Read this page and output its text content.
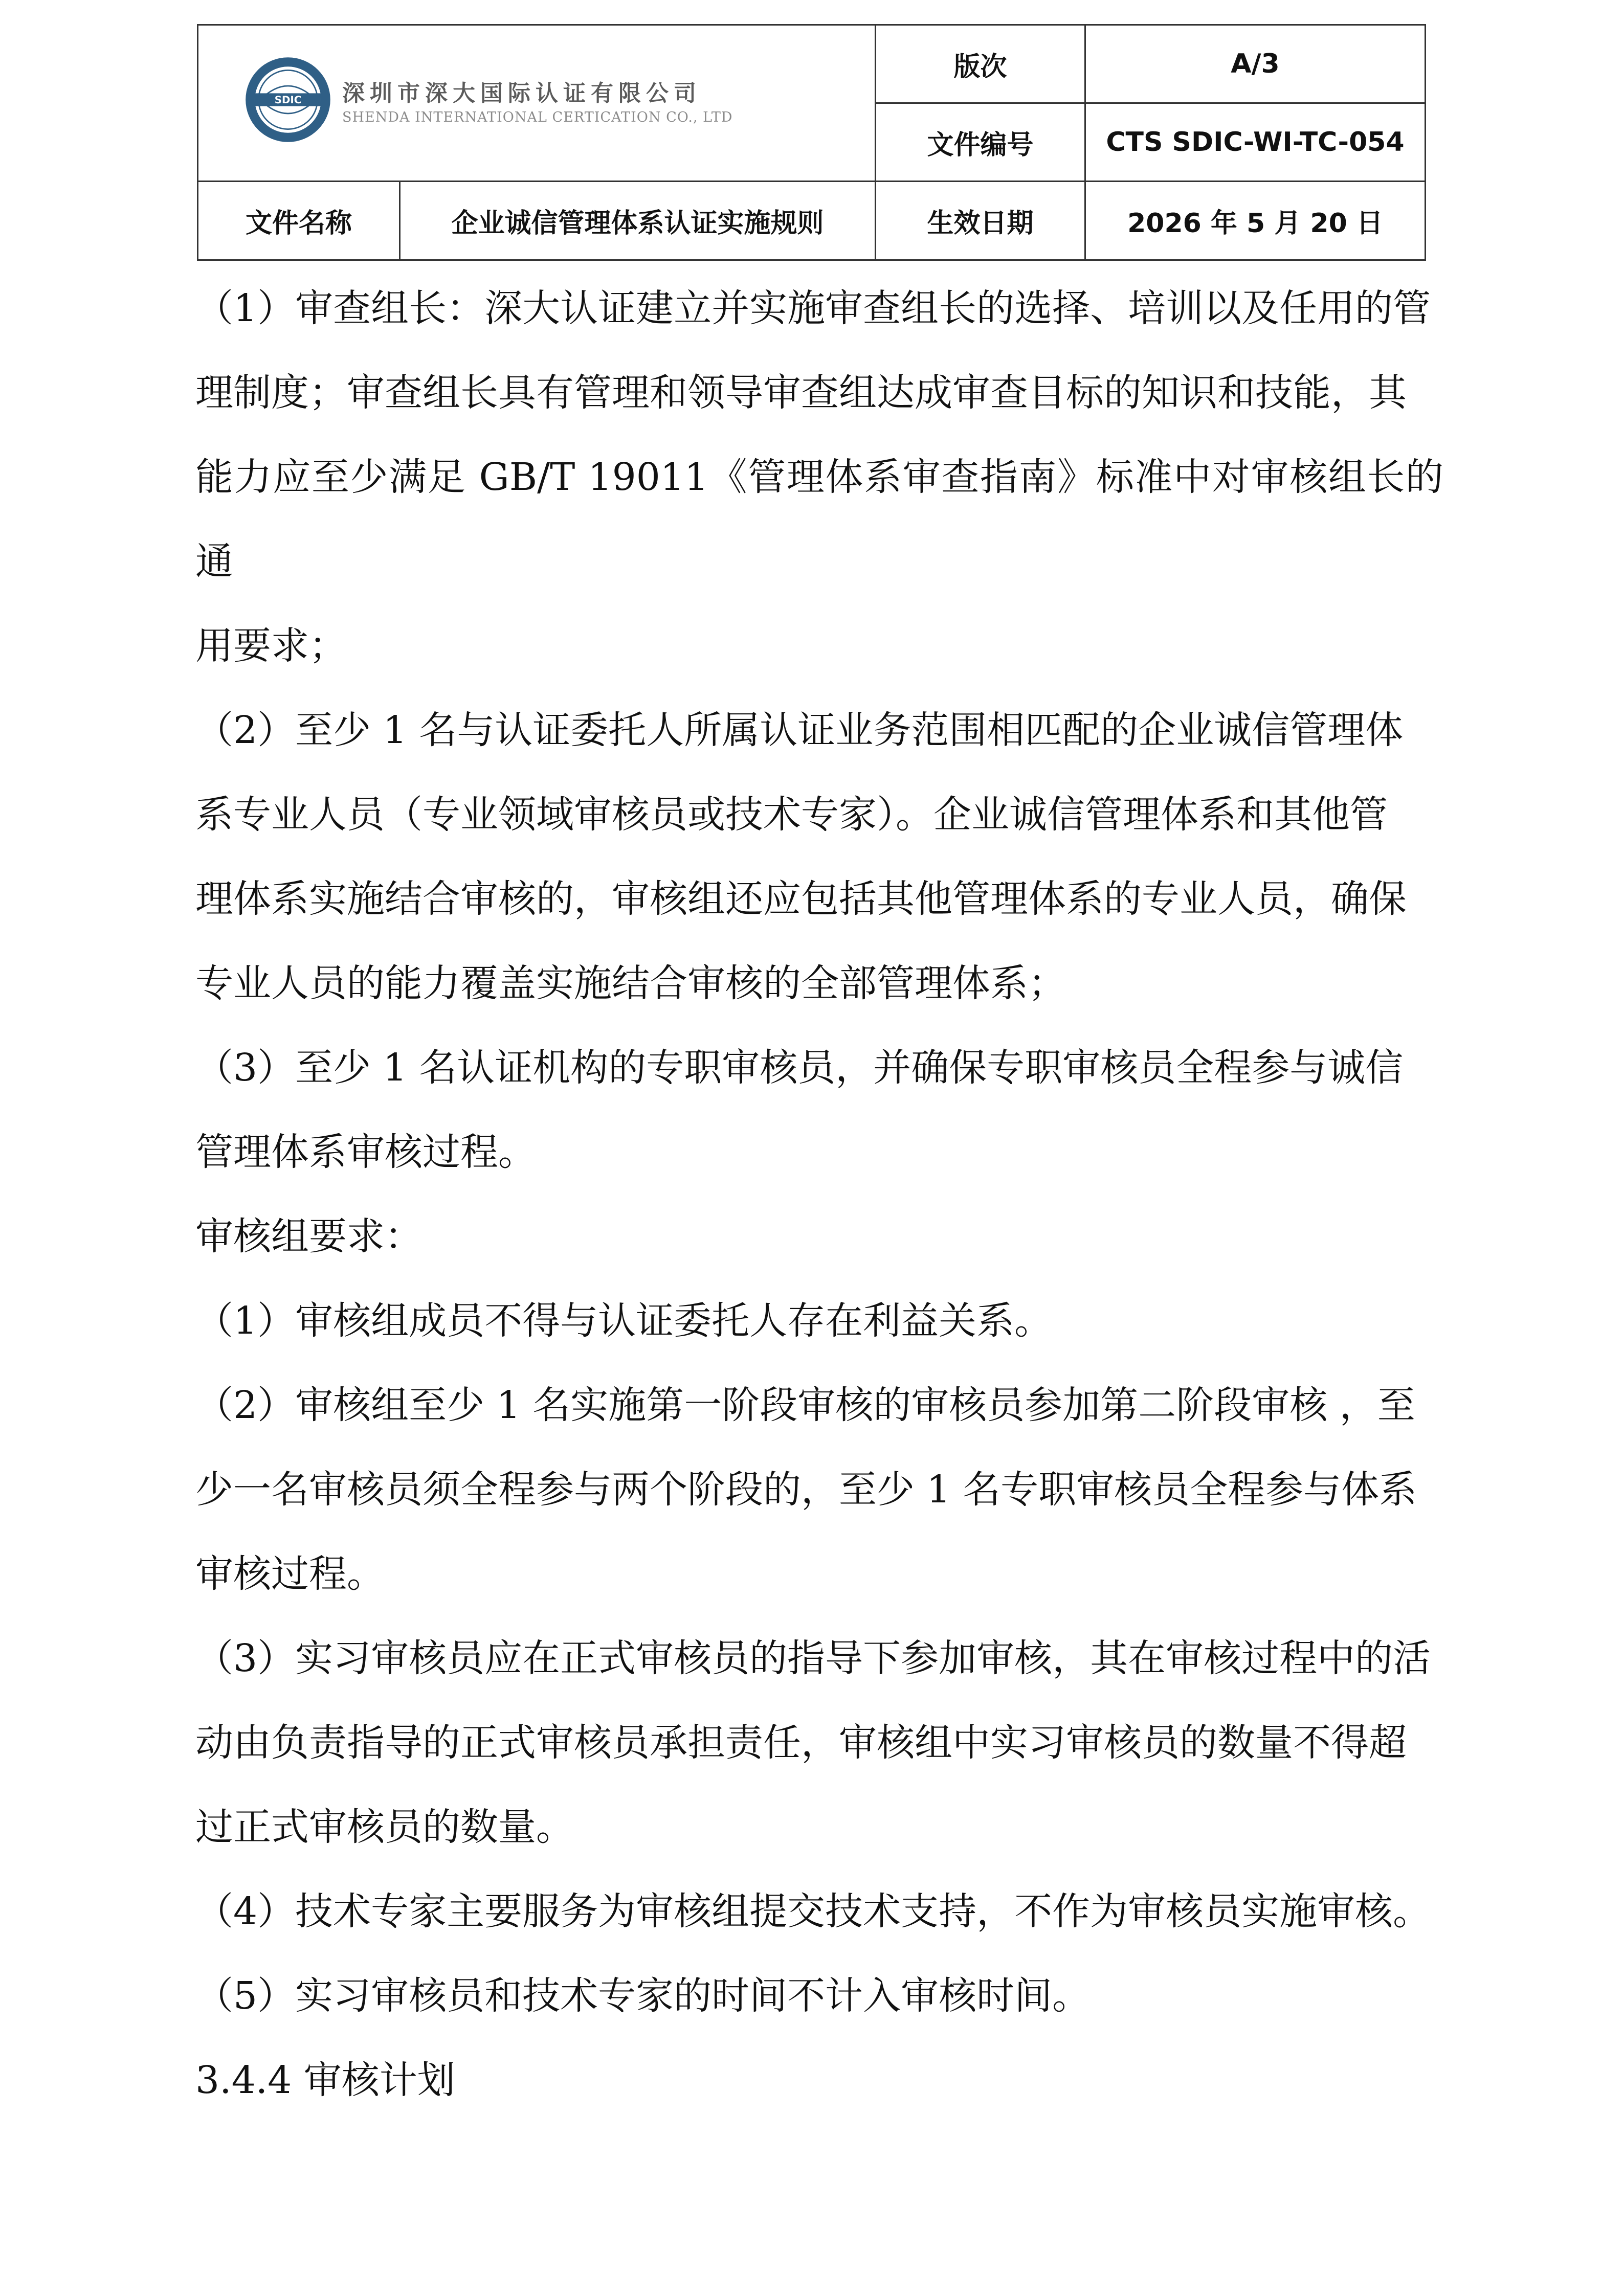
SDIC 深圳市深大国际认证有限公司
SHENDA INTERNATIONAL CERTICATION CO., LTD		版次	A/3
		文件编号	CTS SDIC-WI-TC-054
文件名称	企业诚信管理体系认证实施规则	生效日期	2026 年 5 月 20 日

（1）审查组长：深大认证建立并实施审查组长的选择、培训以及任用的管

理制度；审查组长具有管理和领导审查组达成审查目标的知识和技能，其

能力应至少满足 GB/T 19011《管理体系审查指南》标准中对审核组长的通

用要求；

（2）至少 1 名与认证委托人所属认证业务范围相匹配的企业诚信管理体

系专业人员（专业领域审核员或技术专家）。企业诚信管理体系和其他管

理体系实施结合审核的，审核组还应包括其他管理体系的专业人员，确保

专业人员的能力覆盖实施结合审核的全部管理体系；

（3）至少 1 名认证机构的专职审核员，并确保专职审核员全程参与诚信

管理体系审核过程。

审核组要求：

（1）审核组成员不得与认证委托人存在利益关系。

（2）审核组至少 1 名实施第一阶段审核的审核员参加第二阶段审核 ，至

少一名审核员须全程参与两个阶段的，至少 1 名专职审核员全程参与体系

审核过程。

（3）实习审核员应在正式审核员的指导下参加审核，其在审核过程中的活

动由负责指导的正式审核员承担责任，审核组中实习审核员的数量不得超

过正式审核员的数量。

（4）技术专家主要服务为审核组提交技术支持，不作为审核员实施审核。

（5）实习审核员和技术专家的时间不计入审核时间。

3.4.4 审核计划
